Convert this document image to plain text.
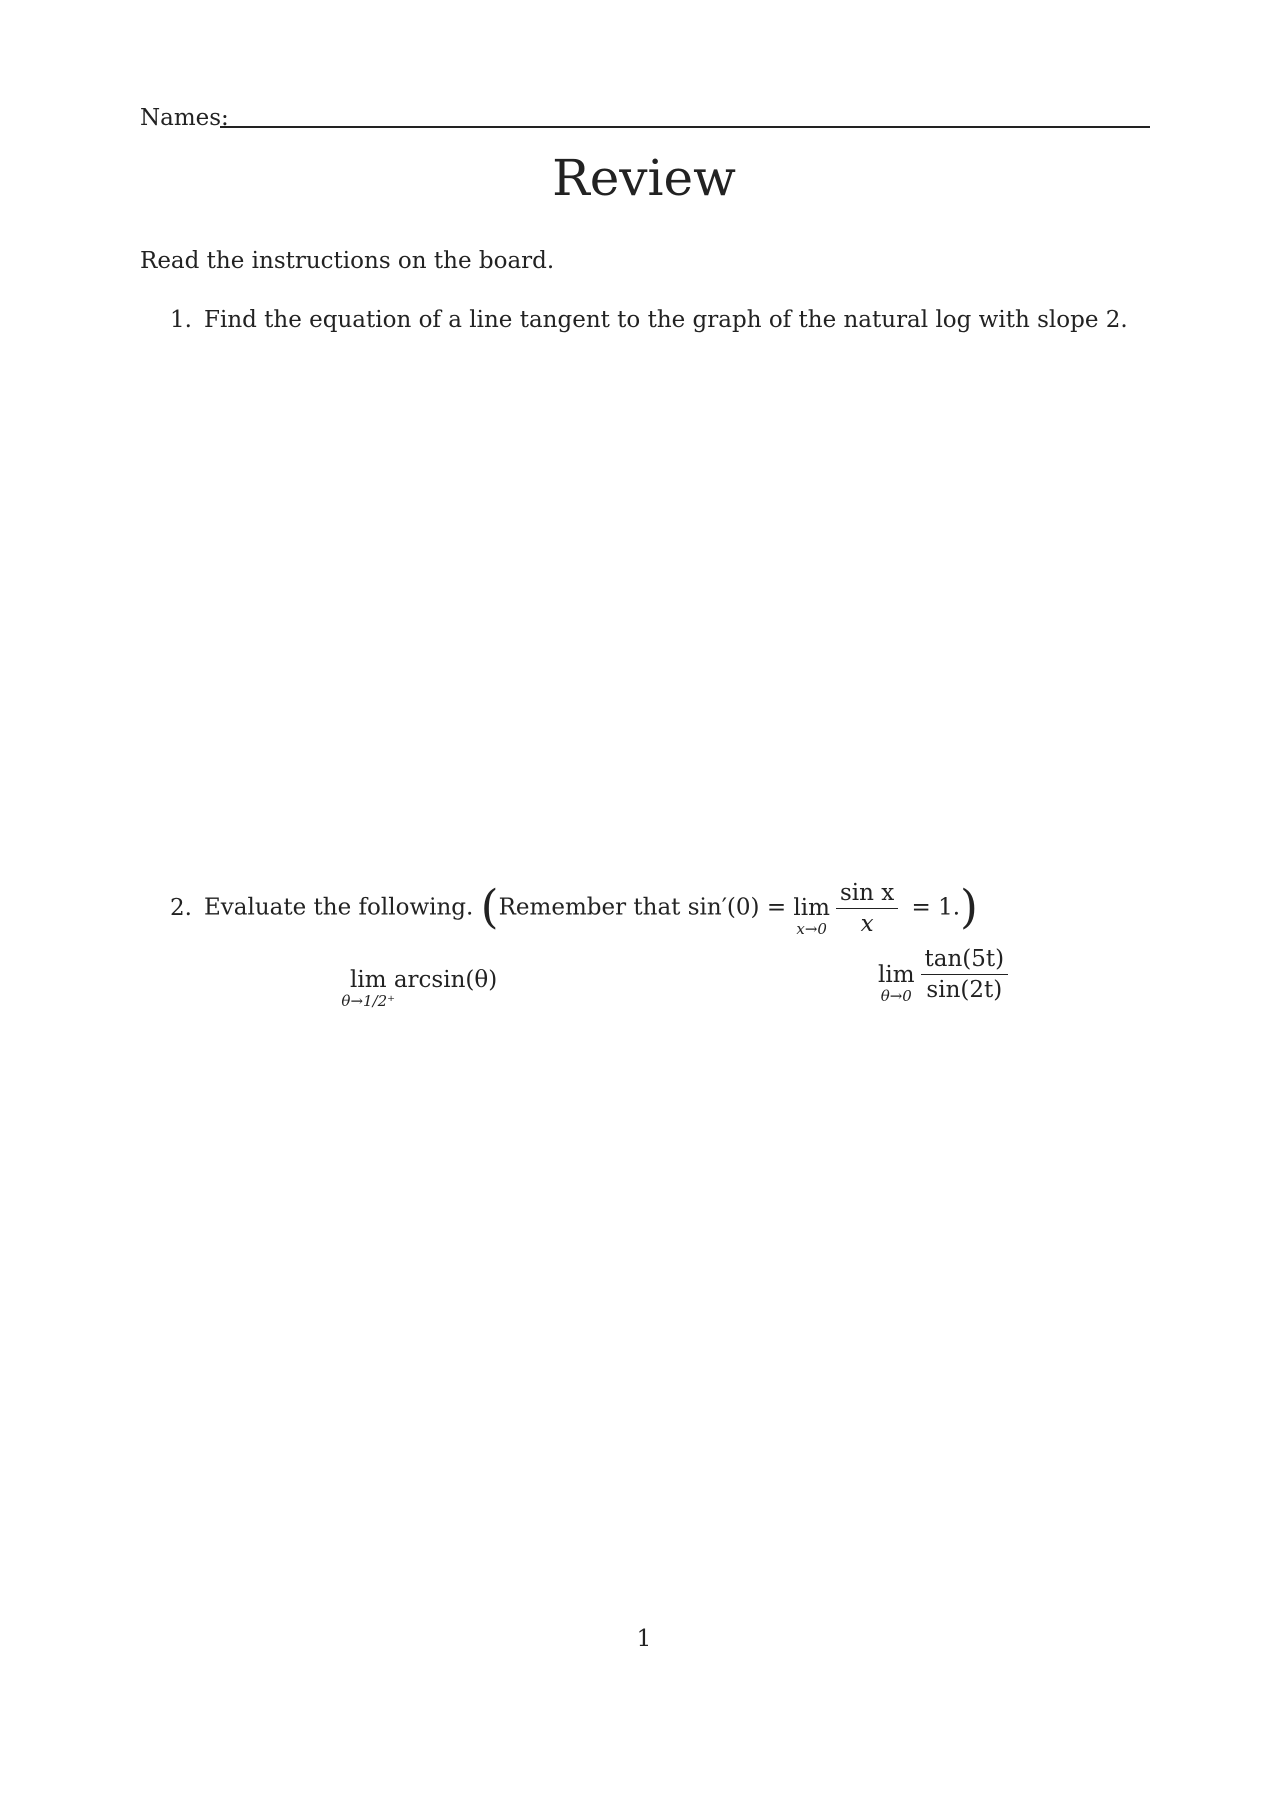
Names:
Review
Read the instructions on the board.
1. Find the equation of a line tangent to the graph of the natural log with slope 2.
2. Evaluate the following. (Remember that sin′(0) = lim
$x\to 0 \frac{\text{sin x}}{x} = 1$.)
lim
θ→1/2⁺
arcsin(θ)	lim
$\theta\to 0 \frac{\tan(5t)}{\sin(2t)}$
1
